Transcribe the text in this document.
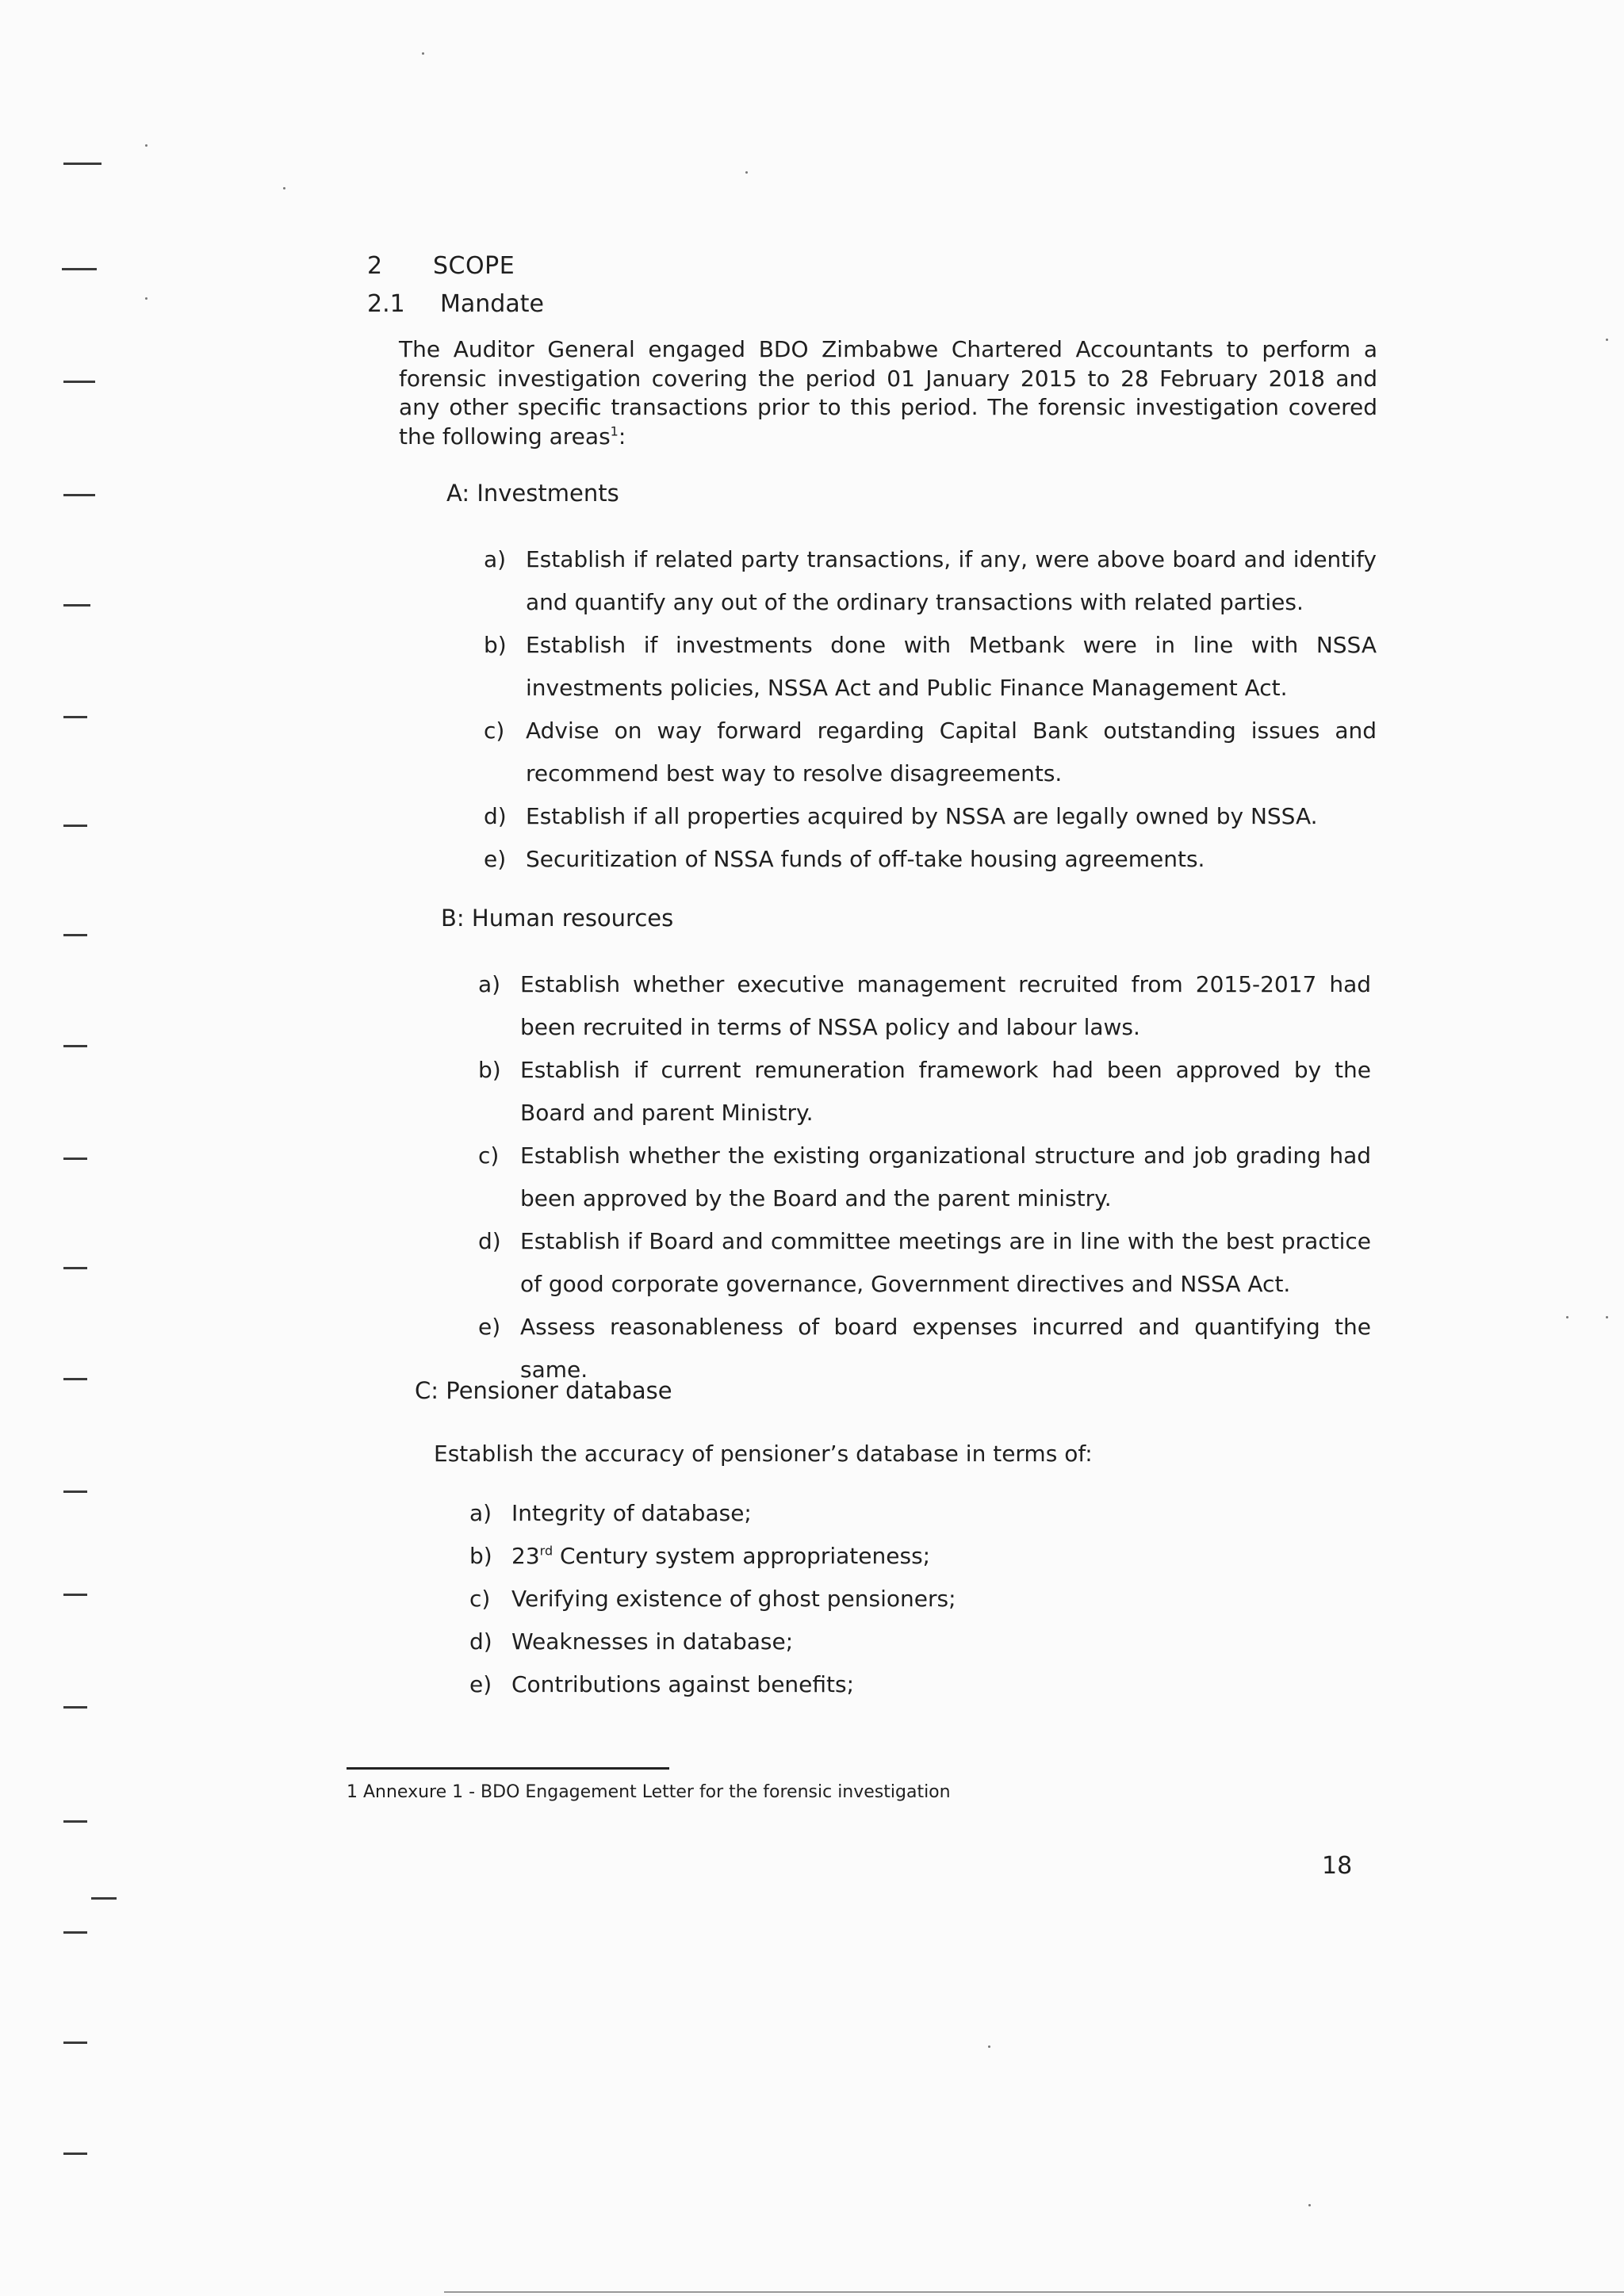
2 SCOPE
2.1 Mandate

The Auditor General engaged BDO Zimbabwe Chartered Accountants to perform a forensic investigation covering the period 01 January 2015 to 28 February 2018 and any other specific transactions prior to this period. The forensic investigation covered the following areas$^1$:

A: Investments
a) Establish if related party transactions, if any, were above board and identify and quantify any out of the ordinary transactions with related parties.
b) Establish if investments done with Metbank were in line with NSSA investments policies, NSSA Act and Public Finance Management Act.
c) Advise on way forward regarding Capital Bank outstanding issues and recommend best way to resolve disagreements.
d) Establish if all properties acquired by NSSA are legally owned by NSSA.
e) Securitization of NSSA funds of off-take housing agreements.
B: Human resources
a) Establish whether executive management recruited from 2015-2017 had been recruited in terms of NSSA policy and labour laws.
b) Establish if current remuneration framework had been approved by the Board and parent Ministry.
c) Establish whether the existing organizational structure and job grading had been approved by the Board and the parent ministry.
d) Establish if Board and committee meetings are in line with the best practice of good corporate governance, Government directives and NSSA Act.
e) Assess reasonableness of board expenses incurred and quantifying the same.
C: Pensioner database
Establish the accuracy of pensioner’s database in terms of:
a) Integrity of database;
b) 23rd Century system appropriateness;
c) Verifying existence of ghost pensioners;
d) Weaknesses in database;
e) Contributions against benefits;
1 Annexure 1 - BDO Engagement Letter for the forensic investigation
18
